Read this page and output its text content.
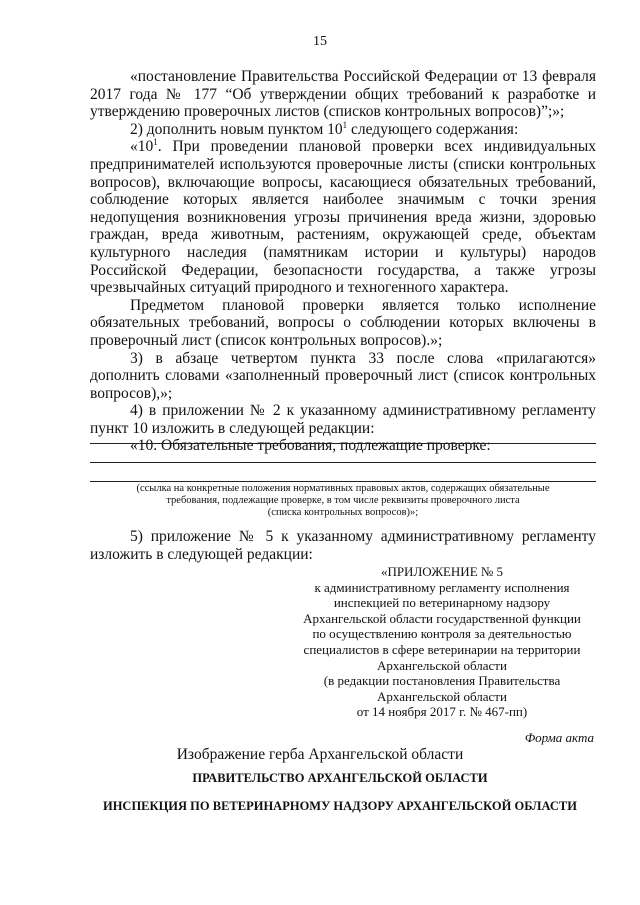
15

«постановление Правительства Российской Федерации от 13 февраля 2017 года № 177 “Об утверждении общих требований к разработке и утверждению проверочных листов (списков контрольных вопросов)”;»;

2) дополнить новым пунктом $10^1$ следующего содержания:

«$10^1$. При проведении плановой проверки всех индивидуальных предпринимателей используются проверочные листы (списки контрольных вопросов), включающие вопросы, касающиеся обязательных требований, соблюдение которых является наиболее значимым с точки зрения недопущения возникновения угрозы причинения вреда жизни, здоровью граждан, вреда животным, растениям, окружающей среде, объектам культурного наследия (памятникам истории и культуры) народов Российской Федерации, безопасности государства, а также угрозы чрезвычайных ситуаций природного и техногенного характера.

Предметом плановой проверки является только исполнение обязательных требований, вопросы о соблюдении которых включены в проверочный лист (список контрольных вопросов).»;

3) в абзаце четвертом пункта 33 после слова «прилагаются» дополнить словами «заполненный проверочный лист (список контрольных вопросов),»;

4) в приложении № 2 к указанному административному регламенту пункт 10 изложить в следующей редакции:

«10. Обязательные требования, подлежащие проверке:

(ссылка на конкретные положения нормативных правовых актов, содержащих обязательные
требования, подлежащие проверке, в том числе реквизиты проверочного листа
(списка контрольных вопросов)»;

5) приложение № 5 к указанному административному регламенту изложить в следующей редакции:

«ПРИЛОЖЕНИЕ № 5
к административному регламенту исполнения
инспекцией по ветеринарному надзору
Архангельской области государственной функции
по осуществлению контроля за деятельностью
специалистов в сфере ветеринарии на территории
Архангельской области
(в редакции постановления Правительства
Архангельской области
от 14 ноября 2017 г. № 467-пп)
Форма акта
Изображение герба Архангельской области
ПРАВИТЕЛЬСТВО АРХАНГЕЛЬСКОЙ ОБЛАСТИ
ИНСПЕКЦИЯ ПО ВЕТЕРИНАРНОМУ НАДЗОРУ АРХАНГЕЛЬСКОЙ ОБЛАСТИ
